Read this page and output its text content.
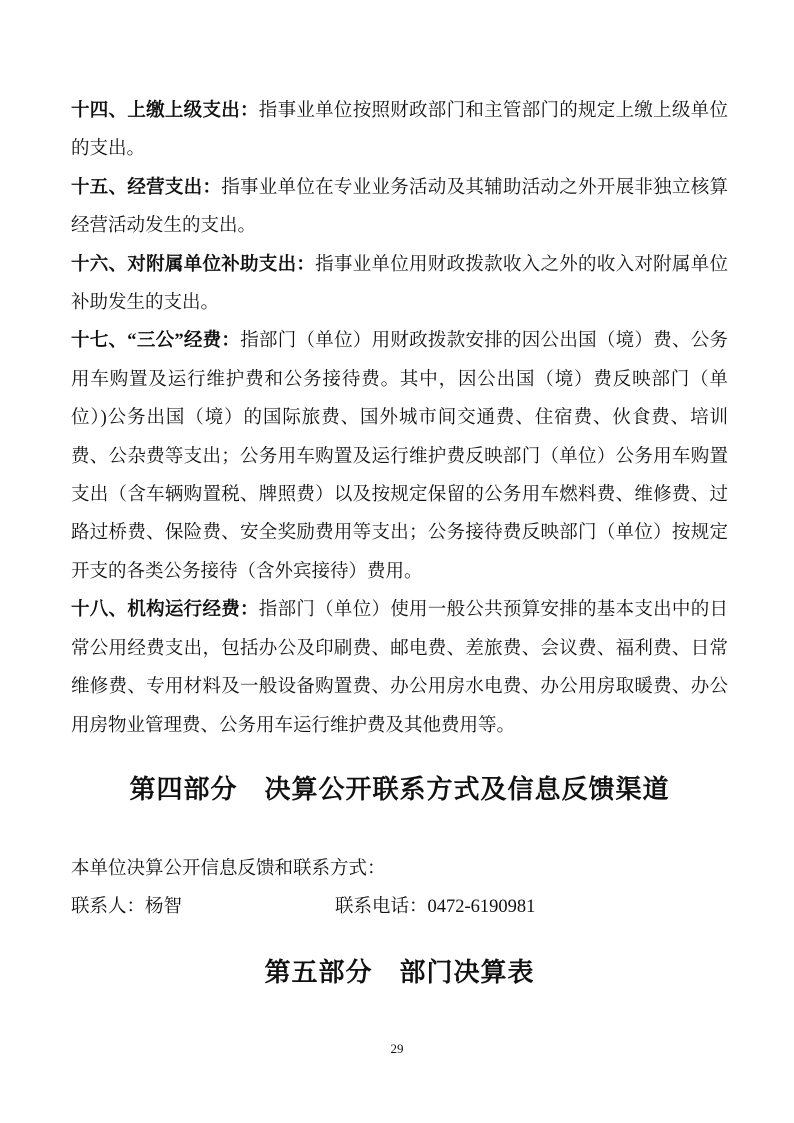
十四、上缴上级支出：指事业单位按照财政部门和主管部门的规定上缴上级单位的支出。

十五、经营支出：指事业单位在专业业务活动及其辅助活动之外开展非独立核算经营活动发生的支出。

十六、对附属单位补助支出：指事业单位用财政拨款收入之外的收入对附属单位补助发生的支出。

十七、“三公”经费：指部门（单位）用财政拨款安排的因公出国（境）费、公务用车购置及运行维护费和公务接待费。其中，因公出国（境）费反映部门（单位）)公务出国（境）的国际旅费、国外城市间交通费、住宿费、伙食费、培训费、公杂费等支出；公务用车购置及运行维护费反映部门（单位）公务用车购置支出（含车辆购置税、牌照费）以及按规定保留的公务用车燃料费、维修费、过路过桥费、保险费、安全奖励费用等支出；公务接待费反映部门（单位）按规定开支的各类公务接待（含外宾接待）费用。

十八、机构运行经费：指部门（单位）使用一般公共预算安排的基本支出中的日常公用经费支出，包括办公及印刷费、邮电费、差旅费、会议费、福利费、日常维修费、专用材料及一般设备购置费、办公用房水电费、办公用房取暖费、办公用房物业管理费、公务用车运行维护费及其他费用等。

第四部分　决算公开联系方式及信息反馈渠道
本单位决算公开信息反馈和联系方式：
联系人：杨智	联系电话：0472-6190981
第五部分　部门决算表
29
